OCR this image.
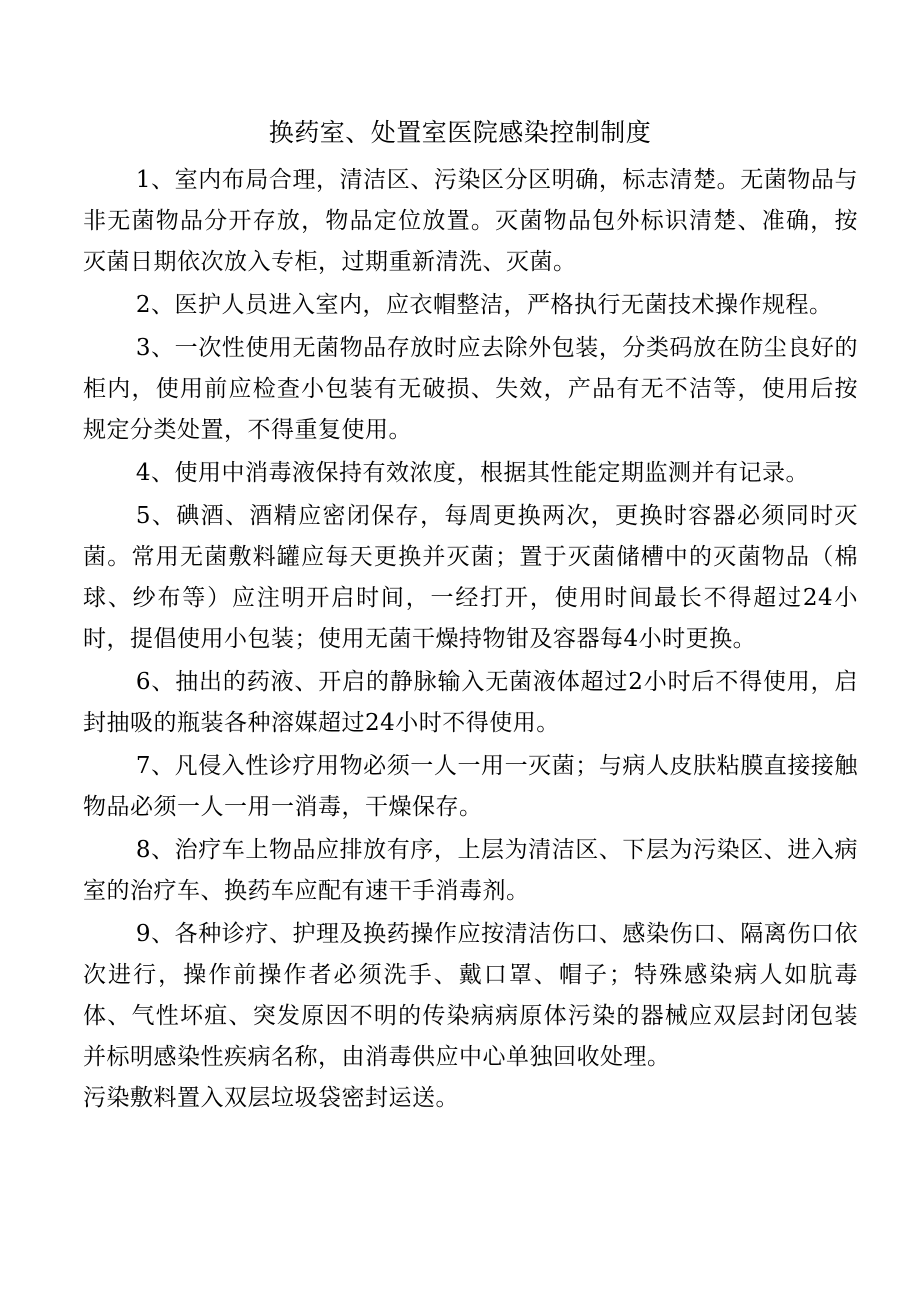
换药室、处置室医院感染控制制度

1、室内布局合理，清洁区、污染区分区明确，标志清楚。无菌物品与非无菌物品分开存放，物品定位放置。灭菌物品包外标识清楚、准确，按灭菌日期依次放入专柜，过期重新清洗、灭菌。

2、医护人员进入室内，应衣帽整洁，严格执行无菌技术操作规程。

3、一次性使用无菌物品存放时应去除外包装，分类码放在防尘良好的柜内，使用前应检查小包装有无破损、失效，产品有无不洁等，使用后按规定分类处置，不得重复使用。

4、使用中消毒液保持有效浓度，根据其性能定期监测并有记录。

5、碘酒、酒精应密闭保存，每周更换两次，更换时容器必须同时灭菌。常用无菌敷料罐应每天更换并灭菌；置于灭菌储槽中的灭菌物品（棉球、纱布等）应注明开启时间，一经打开，使用时间最长不得超过24小时，提倡使用小包装；使用无菌干燥持物钳及容器每4小时更换。

6、抽出的药液、开启的静脉输入无菌液体超过2小时后不得使用，启封抽吸的瓶装各种溶媒超过24小时不得使用。

7、凡侵入性诊疗用物必须一人一用一灭菌；与病人皮肤粘膜直接接触物品必须一人一用一消毒，干燥保存。

8、治疗车上物品应排放有序，上层为清洁区、下层为污染区、进入病室的治疗车、换药车应配有速干手消毒剂。

9、各种诊疗、护理及换药操作应按清洁伤口、感染伤口、隔离伤口依次进行，操作前操作者必须洗手、戴口罩、帽子；特殊感染病人如肮毒体、气性坏疽、突发原因不明的传染病病原体污染的器械应双层封闭包装并标明感染性疾病名称，由消毒供应中心单独回收处理。

污染敷料置入双层垃圾袋密封运送。
